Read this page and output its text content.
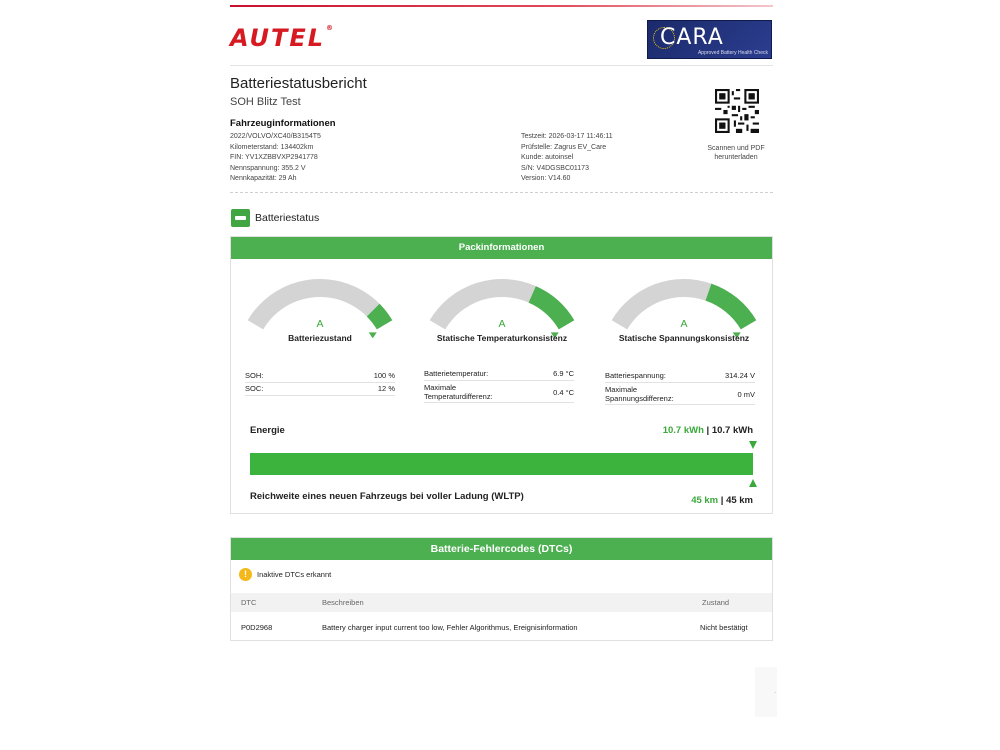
AUTEL®	CARA
Approved Battery Health Check
Batteriestatusbericht
SOH Blitz Test
Fahrzeuginformationen
2022/VOLVO/XC40/B3154T5
Kilometerstand: 134402km
FIN: YV1XZBBVXP2941778
Nennspannung: 355.2 V
Nennkapazität: 29 Ah
Testzeit: 2026-03-17 11:46:11
Prüfstelle: Zagrus EV_Care
Kunde: autoinsel
S/N: V4DGSBC01173
Version: V14.60
Scannen und PDF herunterladen
Batteriestatus
Packinformationen
A	A	A
Batteriezustand	Statische Temperaturkonsistenz	Statische Spannungskonsistenz
SOH:	100 %
SOC:	12 %
Batterietemperatur:	6.9 °C
Maximale
Temperaturdifferenz:	0.4 °C
Batteriespannung:	314.24 V
Maximale
Spannungsdifferenz:	0 mV
Energie	10.7 kWh | 10.7 kWh
Reichweite eines neuen Fahrzeugs bei voller Ladung (WLTP)	45 km | 45 km
Batterie-Fehlercodes (DTCs)
!	Inaktive DTCs erkannt
DTC	Beschreiben	Zustand
P0D2968	Battery charger input current too low, Fehler Algorithmus, Ereignisinformation	Nicht bestätigt
·
